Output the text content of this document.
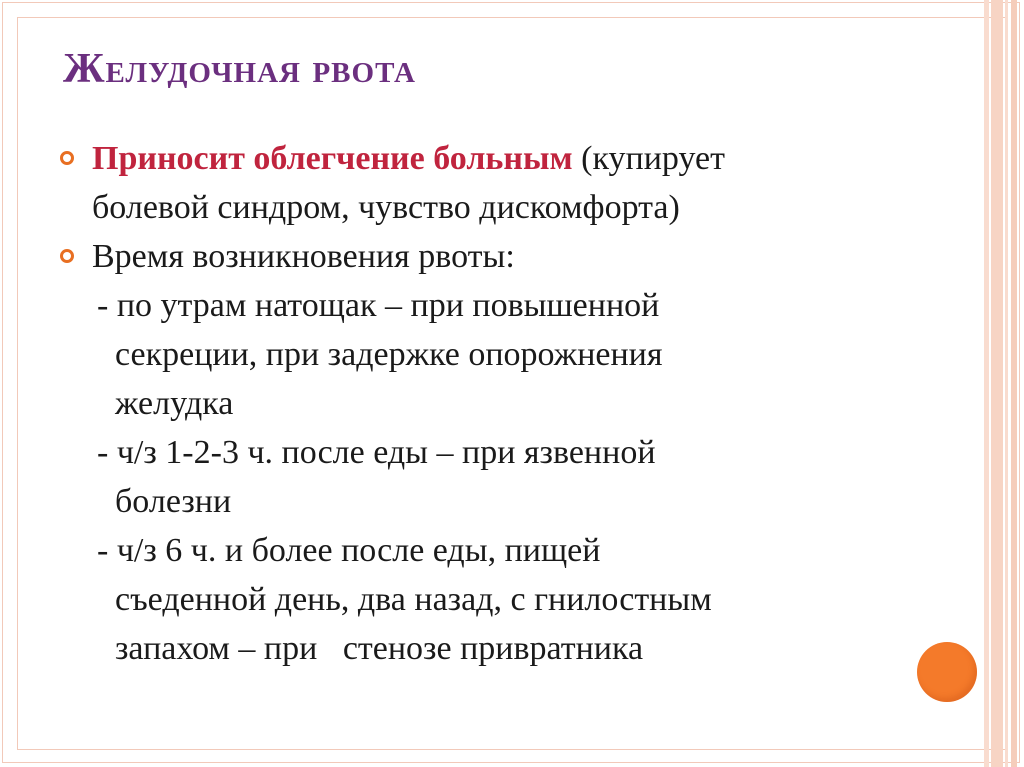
Желудочная рвота
Приносит облегчение больным (купирует
болевой синдром, чувство дискомфорта)
Время возникновения рвоты:
- по утрам натощак – при повышенной
секреции, при задержке опорожнения
желудка
- ч/з 1-2-3 ч. после еды – при язвенной
болезни
- ч/з 6 ч. и более после еды, пищей
съеденной день, два назад, с гнилостным
запахом – при   стенозе привратника
